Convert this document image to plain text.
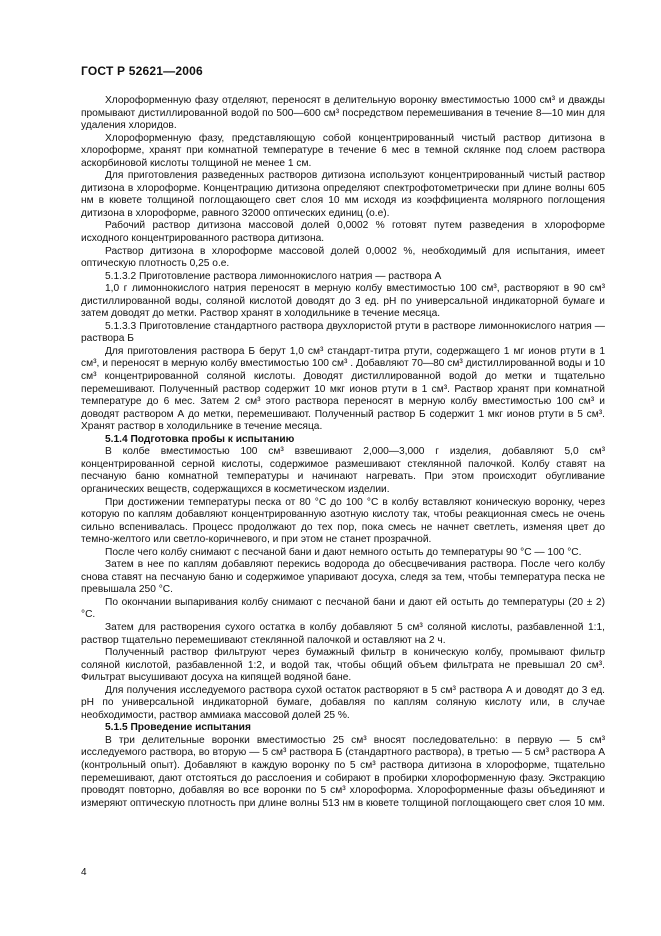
ГОСТ Р 52621—2006

Хлороформенную фазу отделяют, переносят в делительную воронку вместимостью 1000 см³ и дважды промывают дистиллированной водой по 500—600 см³ посредством перемешивания в течение 8—10 мин для удаления хлоридов.

Хлороформенную фазу, представляющую собой концентрированный чистый раствор дитизона в хлороформе, хранят при комнатной температуре в течение 6 мес в темной склянке под слоем раствора аскорбиновой кислоты толщиной не менее 1 см.

Для приготовления разведенных растворов дитизона используют концентрированный чистый раствор дитизона в хлороформе. Концентрацию дитизона определяют спектрофотометрически при длине волны 605 нм в кювете толщиной поглощающего свет слоя 10 мм исходя из коэффициента молярного поглощения дитизона в хлороформе, равного 32000 оптических единиц (о.е).

Рабочий раствор дитизона массовой долей 0,0002 % готовят путем разведения в хлороформе исходного концентрированного раствора дитизона.

Раствор дитизона в хлороформе массовой долей 0,0002 %, необходимый для испытания, имеет оптическую плотность 0,25 о.е.

5.1.3.2 Приготовление раствора лимоннокислого натрия — раствора А

1,0 г лимоннокислого натрия переносят в мерную колбу вместимостью 100 см³, растворяют в 90 см³ дистиллированной воды, соляной кислотой доводят до 3 ед. pH по универсальной индикаторной бумаге и затем доводят до метки. Раствор хранят в холодильнике в течение месяца.

5.1.3.3 Приготовление стандартного раствора двухлористой ртути в растворе лимоннокислого натрия — раствора Б

Для приготовления раствора Б берут 1,0 см³ стандарт-титра ртути, содержащего 1 мг ионов ртути в 1 см³, и переносят в мерную колбу вместимостью 100 см³ . Добавляют 70—80 см³ дистиллированной воды и 10 см³ концентрированной соляной кислоты. Доводят дистиллированной водой до метки и тщательно перемешивают. Полученный раствор содержит 10 мкг ионов ртути в 1 см³. Раствор хранят при комнатной температуре до 6 мес. Затем 2 см³ этого раствора переносят в мерную колбу вместимостью 100 см³ и доводят раствором А до метки, перемешивают. Полученный раствор Б содержит 1 мкг ионов ртути в 5 см³. Хранят раствор в холодильнике в течение месяца.

5.1.4 Подготовка пробы к испытанию

В колбе вместимостью 100 см³ взвешивают 2,000—3,000 г изделия, добавляют 5,0 см³ концентрированной серной кислоты, содержимое размешивают стеклянной палочкой. Колбу ставят на песчаную баню комнатной температуры и начинают нагревать. При этом происходит обугливание органических веществ, содержащихся в косметическом изделии.

При достижении температуры песка от 80 °C до 100 °C в колбу вставляют коническую воронку, через которую по каплям добавляют концентрированную азотную кислоту так, чтобы реакционная смесь не очень сильно вспенивалась. Процесс продолжают до тех пор, пока смесь не начнет светлеть, изменяя цвет до темно-желтого или светло-коричневого, и при этом не станет прозрачной.

После чего колбу снимают с песчаной бани и дают немного остыть до температуры 90 °C — 100 °C.

Затем в нее по каплям добавляют перекись водорода до обесцвечивания раствора. После чего колбу снова ставят на песчаную баню и содержимое упаривают досуха, следя за тем, чтобы температура песка не превышала 250 °C.

По окончании выпаривания колбу снимают с песчаной бани и дают ей остыть до температуры (20 ± 2) °C.

Затем для растворения сухого остатка в колбу добавляют 5 см³ соляной кислоты, разбавленной 1:1, раствор тщательно перемешивают стеклянной палочкой и оставляют на 2 ч.

Полученный раствор фильтруют через бумажный фильтр в коническую колбу, промывают фильтр соляной кислотой, разбавленной 1:2, и водой так, чтобы общий объем фильтрата не превышал 20 см³. Фильтрат высушивают досуха на кипящей водяной бане.

Для получения исследуемого раствора сухой остаток растворяют в 5 см³ раствора А и доводят до 3 ед. pH по универсальной индикаторной бумаге, добавляя по каплям соляную кислоту или, в случае необходимости, раствор аммиака массовой долей 25 %.

5.1.5 Проведение испытания

В три делительные воронки вместимостью 25 см³ вносят последовательно: в первую — 5 см³ исследуемого раствора, во вторую — 5 см³ раствора Б (стандартного раствора), в третью — 5 см³ раствора А (контрольный опыт). Добавляют в каждую воронку по 5 см³ раствора дитизона в хлороформе, тщательно перемешивают, дают отстояться до расслоения и собирают в пробирки хлороформенную фазу. Экстракцию проводят повторно, добавляя во все воронки по 5 см³ хлороформа. Хлороформенные фазы объединяют и измеряют оптическую плотность при длине волны 513 нм в кювете толщиной поглощающего свет слоя 10 мм.

4
